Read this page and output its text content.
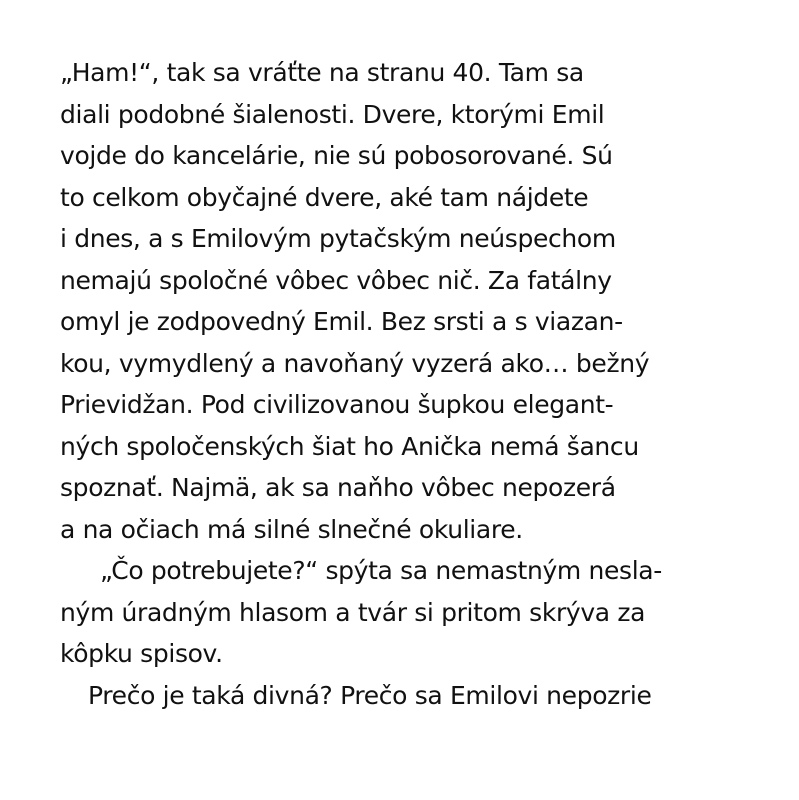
„Ham!“, tak sa vráťte na stranu 40. Tam sa
diali podobné šialenosti. Dvere, ktorými Emil
vojde do kancelárie, nie sú pobosorované. Sú
to celkom obyčajné dvere, aké tam nájdete
i dnes, a s Emilovým pytačským neúspechom
nemajú spoločné vôbec vôbec nič. Za fatálny
omyl je zodpovedný Emil. Bez srsti a s viazan-
kou, vymydlený a navoňaný vyzerá ako… bežný
Prievidžan. Pod civilizovanou šupkou elegant-
ných spoločenských šiat ho Anička nemá šancu
spoznať. Najmä, ak sa naňho vôbec nepozerá
a na očiach má silné slnečné okuliare.
„Čo potrebujete?“ spýta sa nemastným nesla-
ným úradným hlasom a tvár si pritom skrýva za
kôpku spisov.
Prečo je taká divná? Prečo sa Emilovi nepozrie
